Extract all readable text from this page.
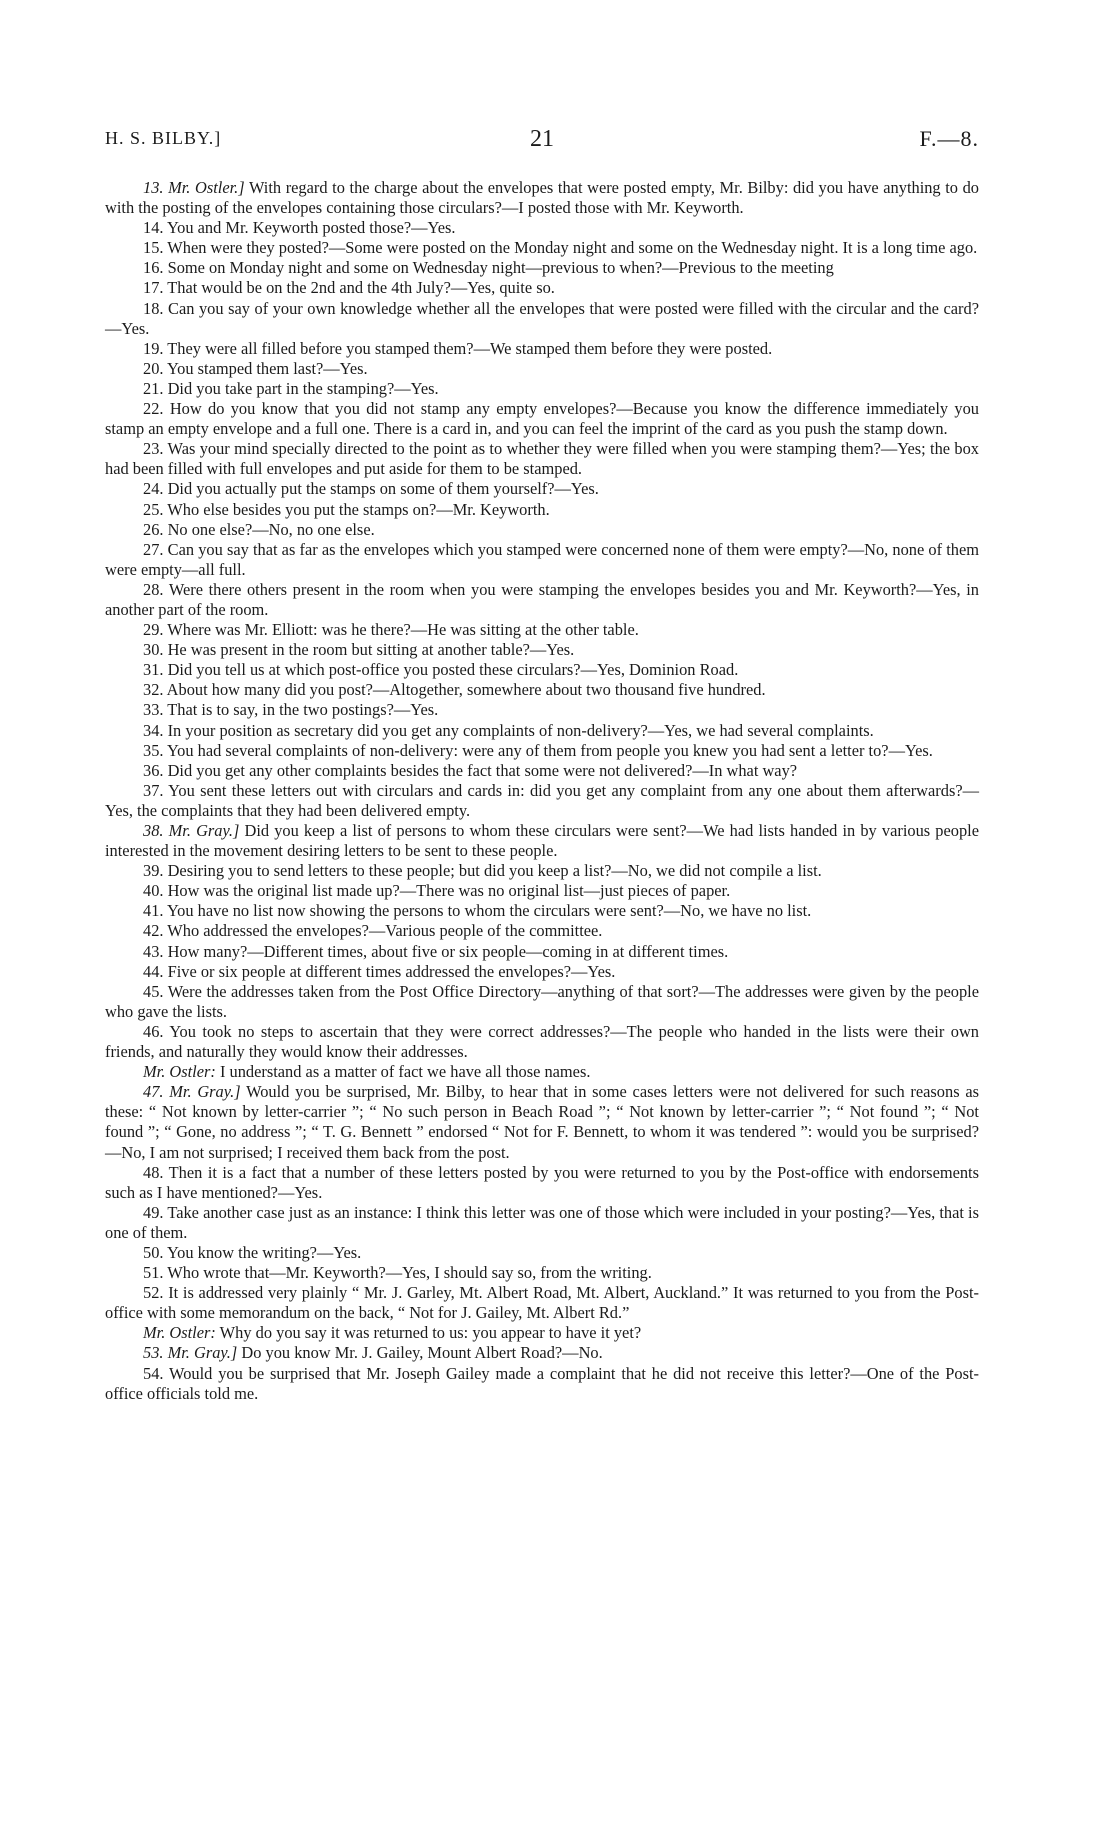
H. S. BILBY.]	21	F.—8.

13. Mr. Ostler.] With regard to the charge about the envelopes that were posted empty, Mr. Bilby: did you have anything to do with the posting of the envelopes containing those circulars?—I posted those with Mr. Keyworth.

14. You and Mr. Keyworth posted those?—Yes.

15. When were they posted?—Some were posted on the Monday night and some on the Wednesday night. It is a long time ago.

16. Some on Monday night and some on Wednesday night—previous to when?—Previous to the meeting

17. That would be on the 2nd and the 4th July?—Yes, quite so.

18. Can you say of your own knowledge whether all the envelopes that were posted were filled with the circular and the card?—Yes.

19. They were all filled before you stamped them?—We stamped them before they were posted.

20. You stamped them last?—Yes.

21. Did you take part in the stamping?—Yes.

22. How do you know that you did not stamp any empty envelopes?—Because you know the difference immediately you stamp an empty envelope and a full one. There is a card in, and you can feel the imprint of the card as you push the stamp down.

23. Was your mind specially directed to the point as to whether they were filled when you were stamping them?—Yes; the box had been filled with full envelopes and put aside for them to be stamped.

24. Did you actually put the stamps on some of them yourself?—Yes.

25. Who else besides you put the stamps on?—Mr. Keyworth.

26. No one else?—No, no one else.

27. Can you say that as far as the envelopes which you stamped were concerned none of them were empty?—No, none of them were empty—all full.

28. Were there others present in the room when you were stamping the envelopes besides you and Mr. Keyworth?—Yes, in another part of the room.

29. Where was Mr. Elliott: was he there?—He was sitting at the other table.

30. He was present in the room but sitting at another table?—Yes.

31. Did you tell us at which post-office you posted these circulars?—Yes, Dominion Road.

32. About how many did you post?—Altogether, somewhere about two thousand five hundred.

33. That is to say, in the two postings?—Yes.

34. In your position as secretary did you get any complaints of non-delivery?—Yes, we had several complaints.

35. You had several complaints of non-delivery: were any of them from people you knew you had sent a letter to?—Yes.

36. Did you get any other complaints besides the fact that some were not delivered?—In what way?

37. You sent these letters out with circulars and cards in: did you get any complaint from any one about them afterwards?—Yes, the complaints that they had been delivered empty.

38. Mr. Gray.] Did you keep a list of persons to whom these circulars were sent?—We had lists handed in by various people interested in the movement desiring letters to be sent to these people.

39. Desiring you to send letters to these people; but did you keep a list?—No, we did not compile a list.

40. How was the original list made up?—There was no original list—just pieces of paper.

41. You have no list now showing the persons to whom the circulars were sent?—No, we have no list.

42. Who addressed the envelopes?—Various people of the committee.

43. How many?—Different times, about five or six people—coming in at different times.

44. Five or six people at different times addressed the envelopes?—Yes.

45. Were the addresses taken from the Post Office Directory—anything of that sort?—The addresses were given by the people who gave the lists.

46. You took no steps to ascertain that they were correct addresses?—The people who handed in the lists were their own friends, and naturally they would know their addresses.

Mr. Ostler: I understand as a matter of fact we have all those names.

47. Mr. Gray.] Would you be surprised, Mr. Bilby, to hear that in some cases letters were not delivered for such reasons as these: “ Not known by letter-carrier ”; “ No such person in Beach Road ”; “ Not known by letter-carrier ”; “ Not found ”; “ Not found ”; “ Gone, no address ”; “ T. G. Bennett ” endorsed “ Not for F. Bennett, to whom it was tendered ”: would you be surprised?—No, I am not surprised; I received them back from the post.

48. Then it is a fact that a number of these letters posted by you were returned to you by the Post-office with endorsements such as I have mentioned?—Yes.

49. Take another case just as an instance: I think this letter was one of those which were included in your posting?—Yes, that is one of them.

50. You know the writing?—Yes.

51. Who wrote that—Mr. Keyworth?—Yes, I should say so, from the writing.

52. It is addressed very plainly “ Mr. J. Garley, Mt. Albert Road, Mt. Albert, Auckland.” It was returned to you from the Post-office with some memorandum on the back, “ Not for J. Gailey, Mt. Albert Rd.”

Mr. Ostler: Why do you say it was returned to us: you appear to have it yet?

53. Mr. Gray.] Do you know Mr. J. Gailey, Mount Albert Road?—No.

54. Would you be surprised that Mr. Joseph Gailey made a complaint that he did not receive this letter?—One of the Post-office officials told me.
